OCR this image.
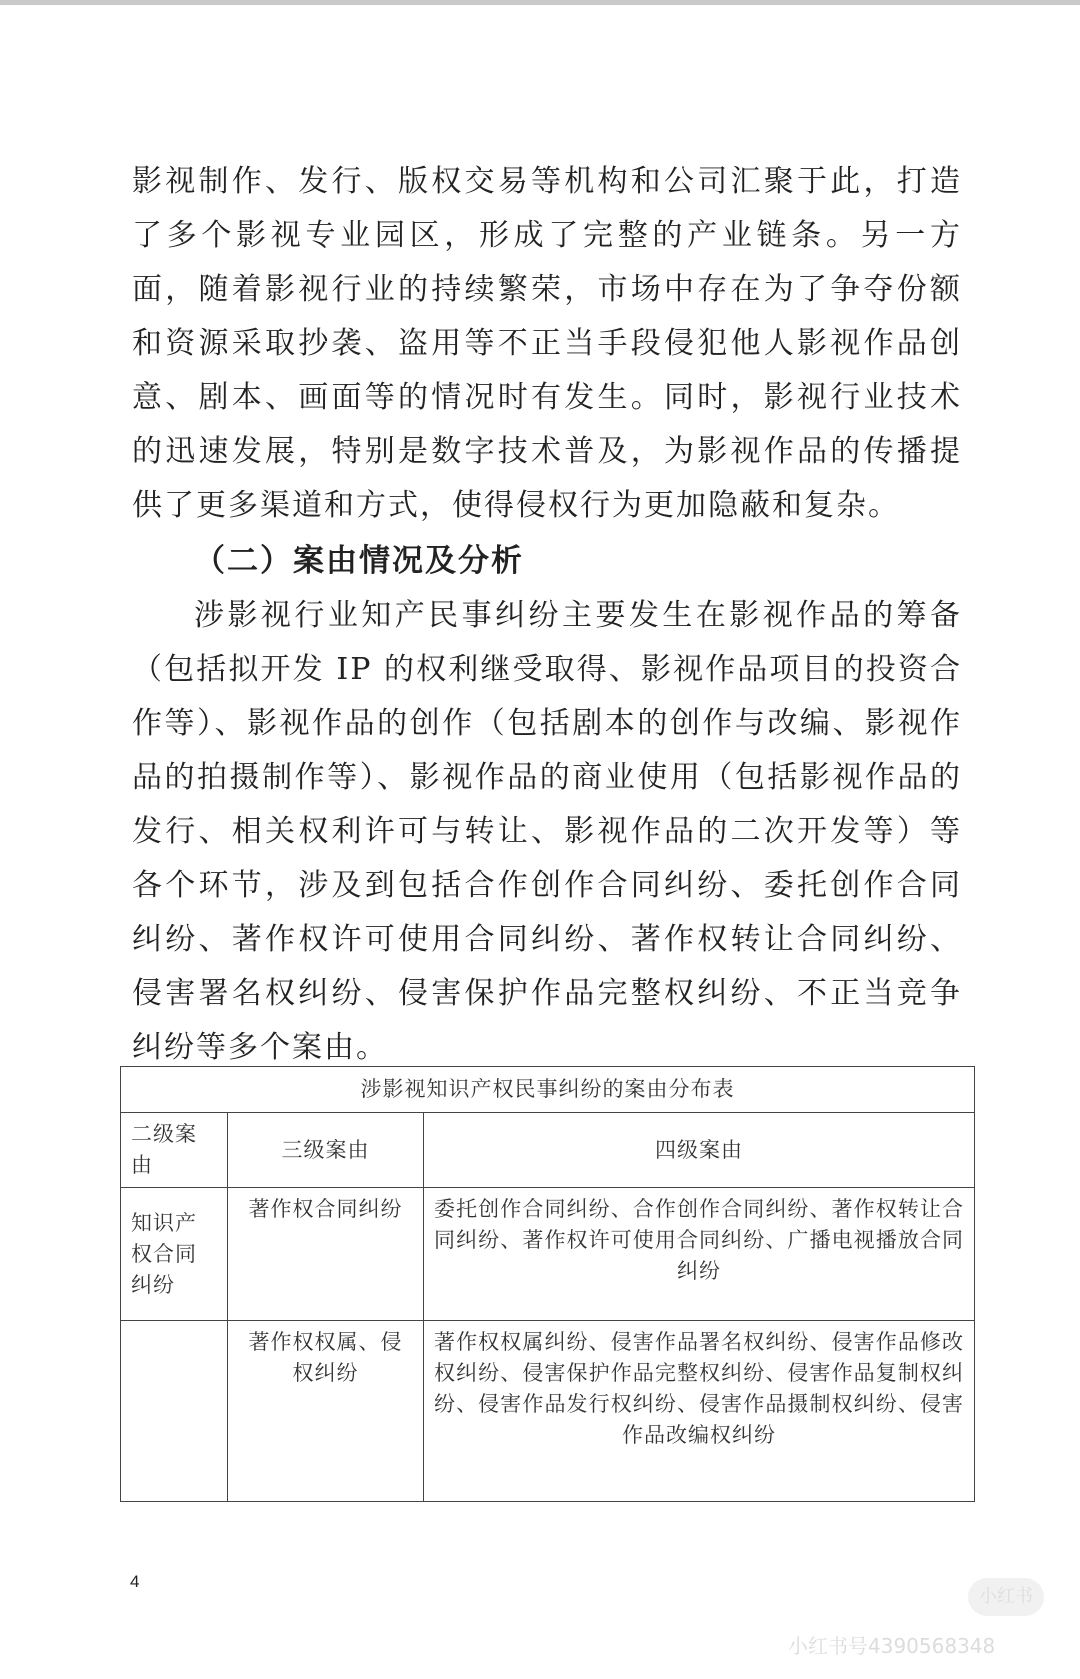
影视制作、发行、版权交易等机构和公司汇聚于此，打造了多个影视专业园区，形成了完整的产业链条。另一方面，随着影视行业的持续繁荣，市场中存在为了争夺份额和资源采取抄袭、盗用等不正当手段侵犯他人影视作品创意、剧本、画面等的情况时有发生。同时，影视行业技术的迅速发展，特别是数字技术普及，为影视作品的传播提供了更多渠道和方式，使得侵权行为更加隐蔽和复杂。

（二）案由情况及分析

涉影视行业知产民事纠纷主要发生在影视作品的筹备（包括拟开发 IP 的权利继受取得、影视作品项目的投资合作等）、影视作品的创作（包括剧本的创作与改编、影视作品的拍摄制作等）、影视作品的商业使用（包括影视作品的发行、相关权利许可与转让、影视作品的二次开发等）等各个环节，涉及到包括合作创作合同纠纷、委托创作合同纠纷、著作权许可使用合同纠纷、著作权转让合同纠纷、侵害署名权纠纷、侵害保护作品完整权纠纷、不正当竞争纠纷等多个案由。

涉影视知识产权民事纠纷的案由分布表		
二级案由	三级案由	四级案由
知识产权合同纠纷	著作权合同纠纷	委托创作合同纠纷、合作创作合同纠纷、著作权转让合同纠纷、著作权许可使用合同纠纷、广播电视播放合同纠纷
	著作权权属、侵权纠纷	著作权权属纠纷、侵害作品署名权纠纷、侵害作品修改权纠纷、侵害保护作品完整权纠纷、侵害作品复制权纠纷、侵害作品发行权纠纷、侵害作品摄制权纠纷、侵害作品改编权纠纷
4
小红书
小红书号4390568348
